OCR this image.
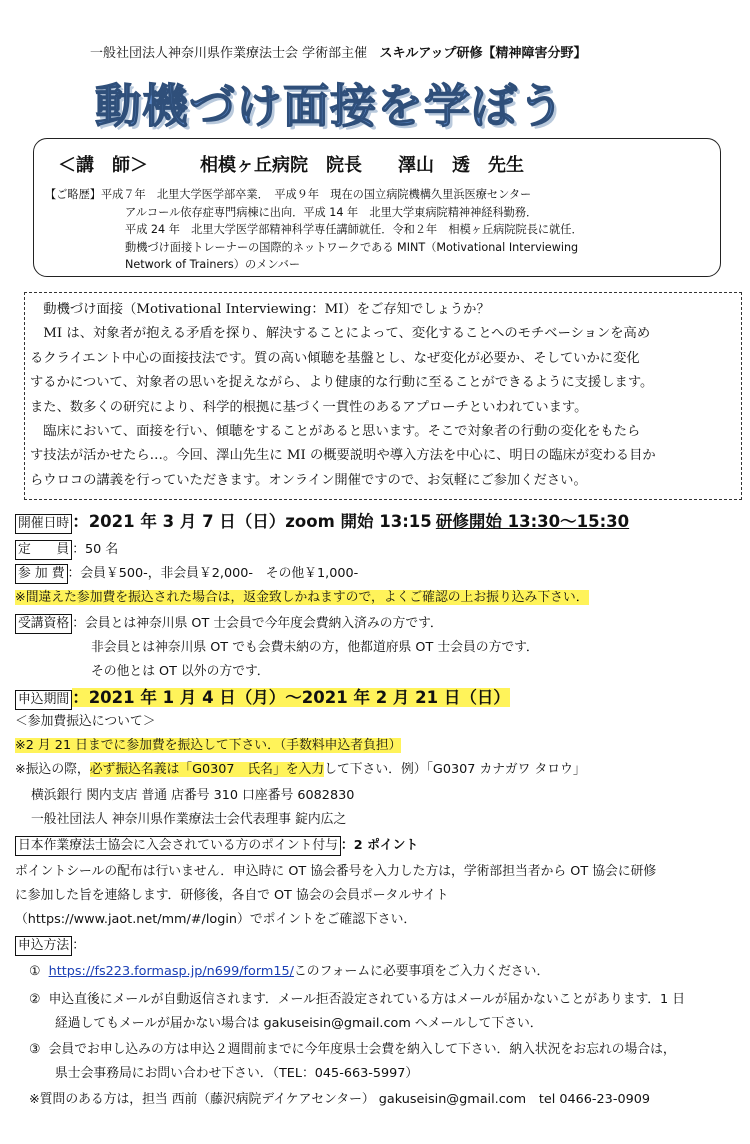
一般社団法人神奈川県作業療法士会 学術部主催 スキルアップ研修【精神障害分野】
動機づけ面接を学ぼう
＜講　師＞	相模ヶ丘病院　院長　　澤山　透　先生
【ご略歴】平成７年　北里大学医学部卒業．　平成９年　現在の国立病院機構久里浜医療センター
アルコール依存症専門病棟に出向．平成 14 年　北里大学東病院精神神経科勤務．
平成 24 年　北里大学医学部精神科学専任講師就任．令和２年　相模ヶ丘病院院長に就任．
動機づけ面接トレーナーの国際的ネットワークである MINT（Motivational Interviewing
Network of Trainers）のメンバー

　動機づけ面接（Motivational Interviewing：MI）をご存知でしょうか？

　MI は、対象者が抱える矛盾を探り、解決することによって、変化することへのモチベーションを高め

るクライエント中心の面接技法です。質の高い傾聴を基盤とし、なぜ変化が必要か、そしていかに変化

するかについて、対象者の思いを捉えながら、より健康的な行動に至ることができるように支援します。

また、数多くの研究により、科学的根拠に基づく一貫性のあるアプローチといわれています。

　臨床において、面接を行い、傾聴をすることがあると思います。そこで対象者の行動の変化をもたら

す技法が活かせたら…。今回、澤山先生に MI の概要説明や導入方法を中心に、明日の臨床が変わる目か

らウロコの講義を行っていただきます。オンライン開催ですので、お気軽にご参加ください。

開催日時 ：2021 年 3 月 7 日（日）zoom 開始 13:15 研修開始 13:30〜15:30
定　　員 ：50 名
参 加 費 ：会員￥500-，非会員￥2,000-　その他￥1,000-
※間違えた参加費を振込された場合は，返金致しかねますので，よくご確認の上お振り込み下さい．
受講資格 ：会員とは神奈川県 OT 士会員で今年度会費納入済みの方です．
非会員とは神奈川県 OT でも会費未納の方，他都道府県 OT 士会員の方です．
その他とは OT 以外の方です．
申込期間 ：2021 年 1 月 4 日（月）〜2021 年 2 月 21 日（日）
＜参加費振込について＞
※2 月 21 日までに参加費を振込して下さい．（手数料申込者負担）
※振込の際，必ず振込名義は「G0307　氏名」を入力して下さい．例）「G0307 カナガワ タロウ」
横浜銀行 関内支店 普通 店番号 310 口座番号 6082830
一般社団法人 神奈川県作業療法士会代表理事 錠内広之
日本作業療法士協会に入会されている方のポイント付与 ：2 ポイント
ポイントシールの配布は行いません．申込時に OT 協会番号を入力した方は，学術部担当者から OT 協会に研修
に参加した旨を連絡します．研修後，各自で OT 協会の会員ポータルサイト
（https://www.jaot.net/mm/#/login）でポイントをご確認下さい．
申込方法 ：
① https://fs223.formasp.jp/n699/form15/このフォームに必要事項をご入力ください．
② 申込直後にメールが自動返信されます．メール拒否設定されている方はメールが届かないことがあります．1 日
経過してもメールが届かない場合は gakuseisin@gmail.com へメールして下さい．
③ 会員でお申し込みの方は申込２週間前までに今年度県士会費を納入して下さい．納入状況をお忘れの場合は，
県士会事務局にお問い合わせ下さい．（TEL：045-663-5997）
※質問のある方は，担当 西前（藤沢病院デイケアセンター） gakuseisin@gmail.com　tel 0466-23-0909
